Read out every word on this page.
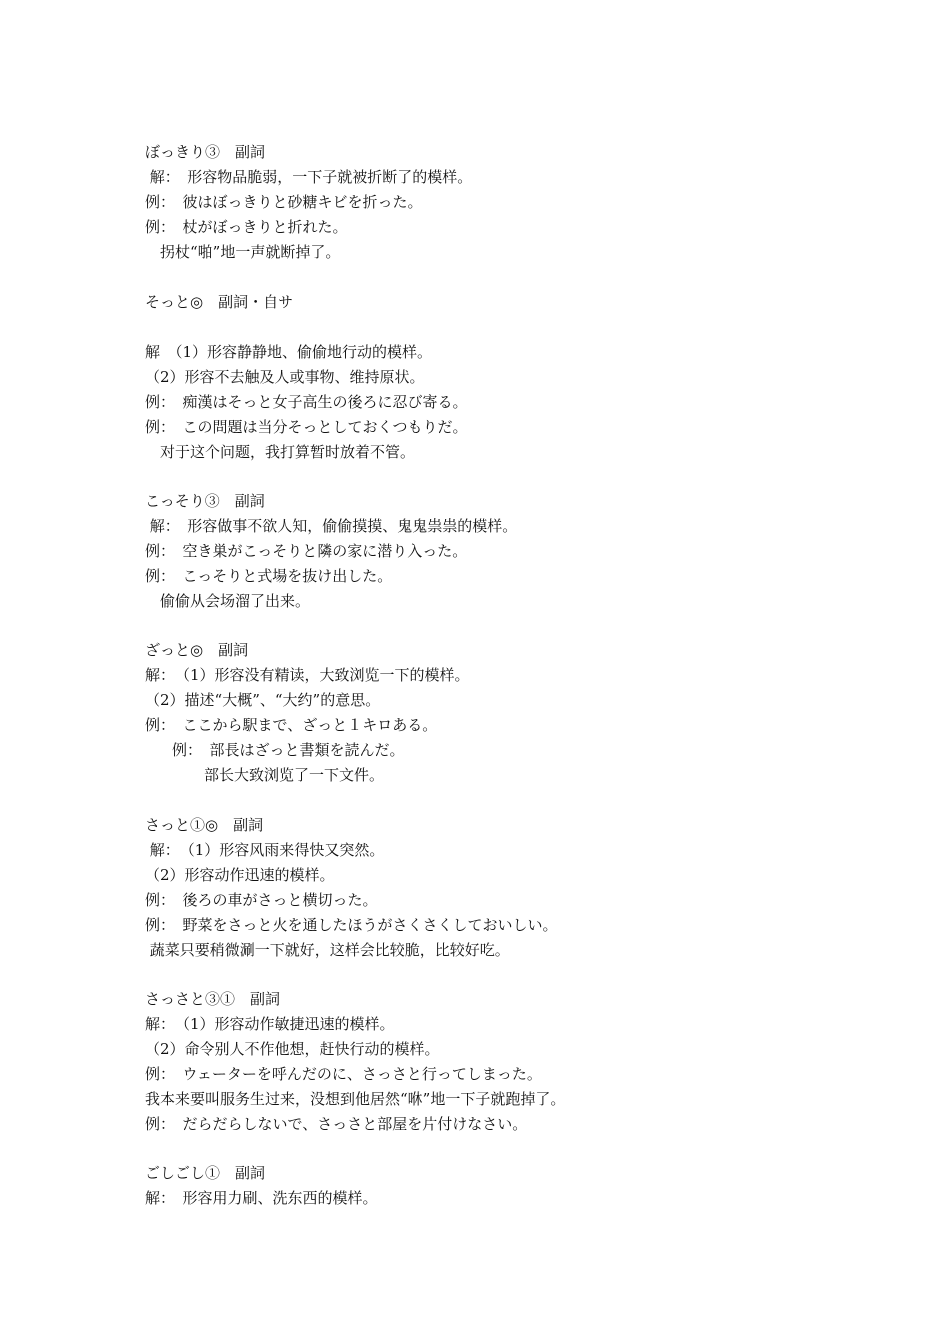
ぼっきり③　副詞
解：　形容物品脆弱，一下子就被折断了的模样。
例：　彼はぼっきりと砂糖キビを折った。
例：　杖がぼっきりと折れた。
　拐杖“啪”地一声就断掉了。
そっと◎　副詞・自サ
解　（1）形容静静地、偷偷地行动的模样。
（2）形容不去触及人或事物、维持原状。
例：　痴漢はそっと女子高生の後ろに忍び寄る。
例：　この問題は当分そっとしておくつもりだ。
　对于这个问题，我打算暂时放着不管。
こっそり③　副詞
解：　形容做事不欲人知，偷偷摸摸、鬼鬼祟祟的模样。
例：　空き巣がこっそりと隣の家に潜り入った。
例：　こっそりと式場を抜け出した。
　偷偷从会场溜了出来。
ざっと◎　副詞
解：　（1）形容没有精读，大致浏览一下的模样。
（2）描述“大概”、“大约”的意思。
例：　ここから駅まで、ざっと１キロある。
例：　部長はざっと書類を読んだ。
部长大致浏览了一下文件。
さっと①◎　副詞
解：　（1）形容风雨来得快又突然。
（2）形容动作迅速的模样。
例：　後ろの車がさっと横切った。
例：　野菜をさっと火を通したほうがさくさくしておいしい。
蔬菜只要稍微涮一下就好，这样会比较脆，比较好吃。
さっさと③①　副詞
解：　（1）形容动作敏捷迅速的模样。
（2）命令别人不作他想，赶快行动的模样。
例：　ウェーターを呼んだのに、さっさと行ってしまった。
我本来要叫服务生过来，没想到他居然“咻”地一下子就跑掉了。
例：　だらだらしないで、さっさと部屋を片付けなさい。
ごしごし①　副詞
解：　形容用力刷、洗东西的模样。
